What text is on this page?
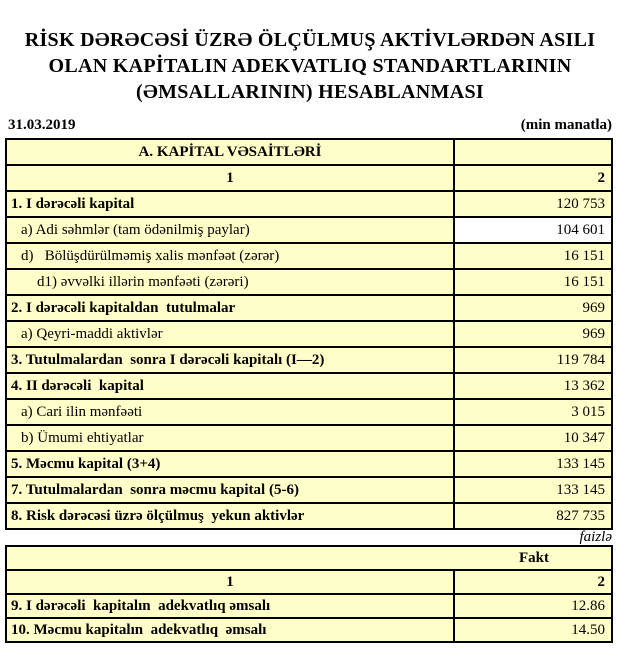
RİSK DƏRƏCƏSİ ÜZRƏ ÖLÇÜLMUŞ AKTİVLƏRDƏN ASILI
OLAN KAPİTALIN ADEKVATLIQ STANDARTLARININ
(ƏMSALLARININ) HESABLANMASI
31.03.2019	(min manatla)
A. KAPİTAL VƏSAİTLƏRİ
1	2
1. I dərəcəli kapital	120 753
a) Adi səhmlər (tam ödənilmiş paylar)	104 601
d)   Bölüşdürülməmiş xalis mənfəət (zərər)	16 151
d1) əvvəlki illərin mənfəəti (zərəri)	16 151
2. I dərəcəli kapitaldan  tutulmalar	969
a) Qeyri-maddi aktivlər	969
3. Tutulmalardan  sonra I dərəcəli kapitalı (I—2)	119 784
4. II dərəcəli  kapital	13 362
a) Cari ilin mənfəəti	3 015
b) Ümumi ehtiyatlar	10 347
5. Məcmu kapital (3+4)	133 145
7. Tutulmalardan  sonra məcmu kapital (5-6)	133 145
8. Risk dərəcəsi üzrə ölçülmuş  yekun aktivlər	827 735
faizlə
Fakt
1	2
9. I dərəcəli  kapitalın  adekvatlıq əmsalı	12.86
10. Məcmu kapitalın  adekvatlıq  əmsalı	14.50
